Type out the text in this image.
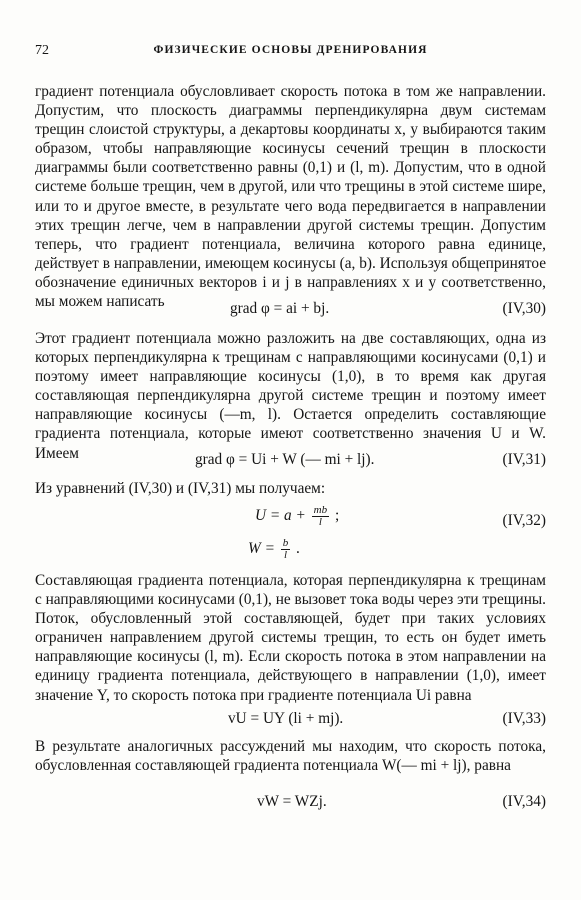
72	ФИЗИЧЕСКИЕ ОСНОВЫ ДРЕНИРОВАНИЯ
градиент потенциала обусловливает скорость потока в том же направлении. Допустим, что плоскость диаграммы перпендикулярна двум системам трещин слоистой структуры, а декартовы координаты x, y выбираются таким образом, чтобы направляющие косинусы сечений трещин в плоскости диаграммы были соответственно равны (0,1) и (l, m). Допустим, что в одной системе больше трещин, чем в другой, или что трещины в этой системе шире, или то и другое вместе, в результате чего вода передвигается в направлении этих трещин легче, чем в направлении другой системы трещин. Допустим теперь, что градиент потенциала, величина которого равна единице, действует в направлении, имеющем косинусы (a, b). Используя общепринятое обозначение единичных векторов i и j в направлениях x и y соответственно, мы можем написать	grad φ = ai + bj.	(IV,30)
Этот градиент потенциала можно разложить на две составляющих, одна из которых перпендикулярна к трещинам с направляющими косинусами (0,1) и поэтому имеет направляющие косинусы (1,0), в то время как другая составляющая перпендикулярна другой системе трещин и поэтому имеет направляющие косинусы (—m, l). Остается определить составляющие градиента потенциала, которые имеют соответственно значения U и W. Имеем	grad φ = Ui + W (— mi + lj).	(IV,31)
Из уравнений (IV,30) и (IV,31) мы получаем:
$U = a + \frac{mb}{l}$ ;	(IV,32)
$W = \frac{b}{l}$ .
Составляющая градиента потенциала, которая перпендикулярна к трещинам с направляющими косинусами (0,1), не вызовет тока воды через эти трещины. Поток, обусловленный этой составляющей, будет при таких условиях ограничен направлением другой системы трещин, то есть он будет иметь направляющие косинусы (l, m). Если скорость потока в этом направлении на единицу градиента потенциала, действующего в направлении (1,0), имеет значение Y, то скорость потока при градиенте потенциала Ui равна
vU = UY (li + mj).	(IV,33)
В результате аналогичных рассуждений мы находим, что скорость потока, обусловленная составляющей градиента потенциала W(— mi + lj), равна
vW = WZj.	(IV,34)
